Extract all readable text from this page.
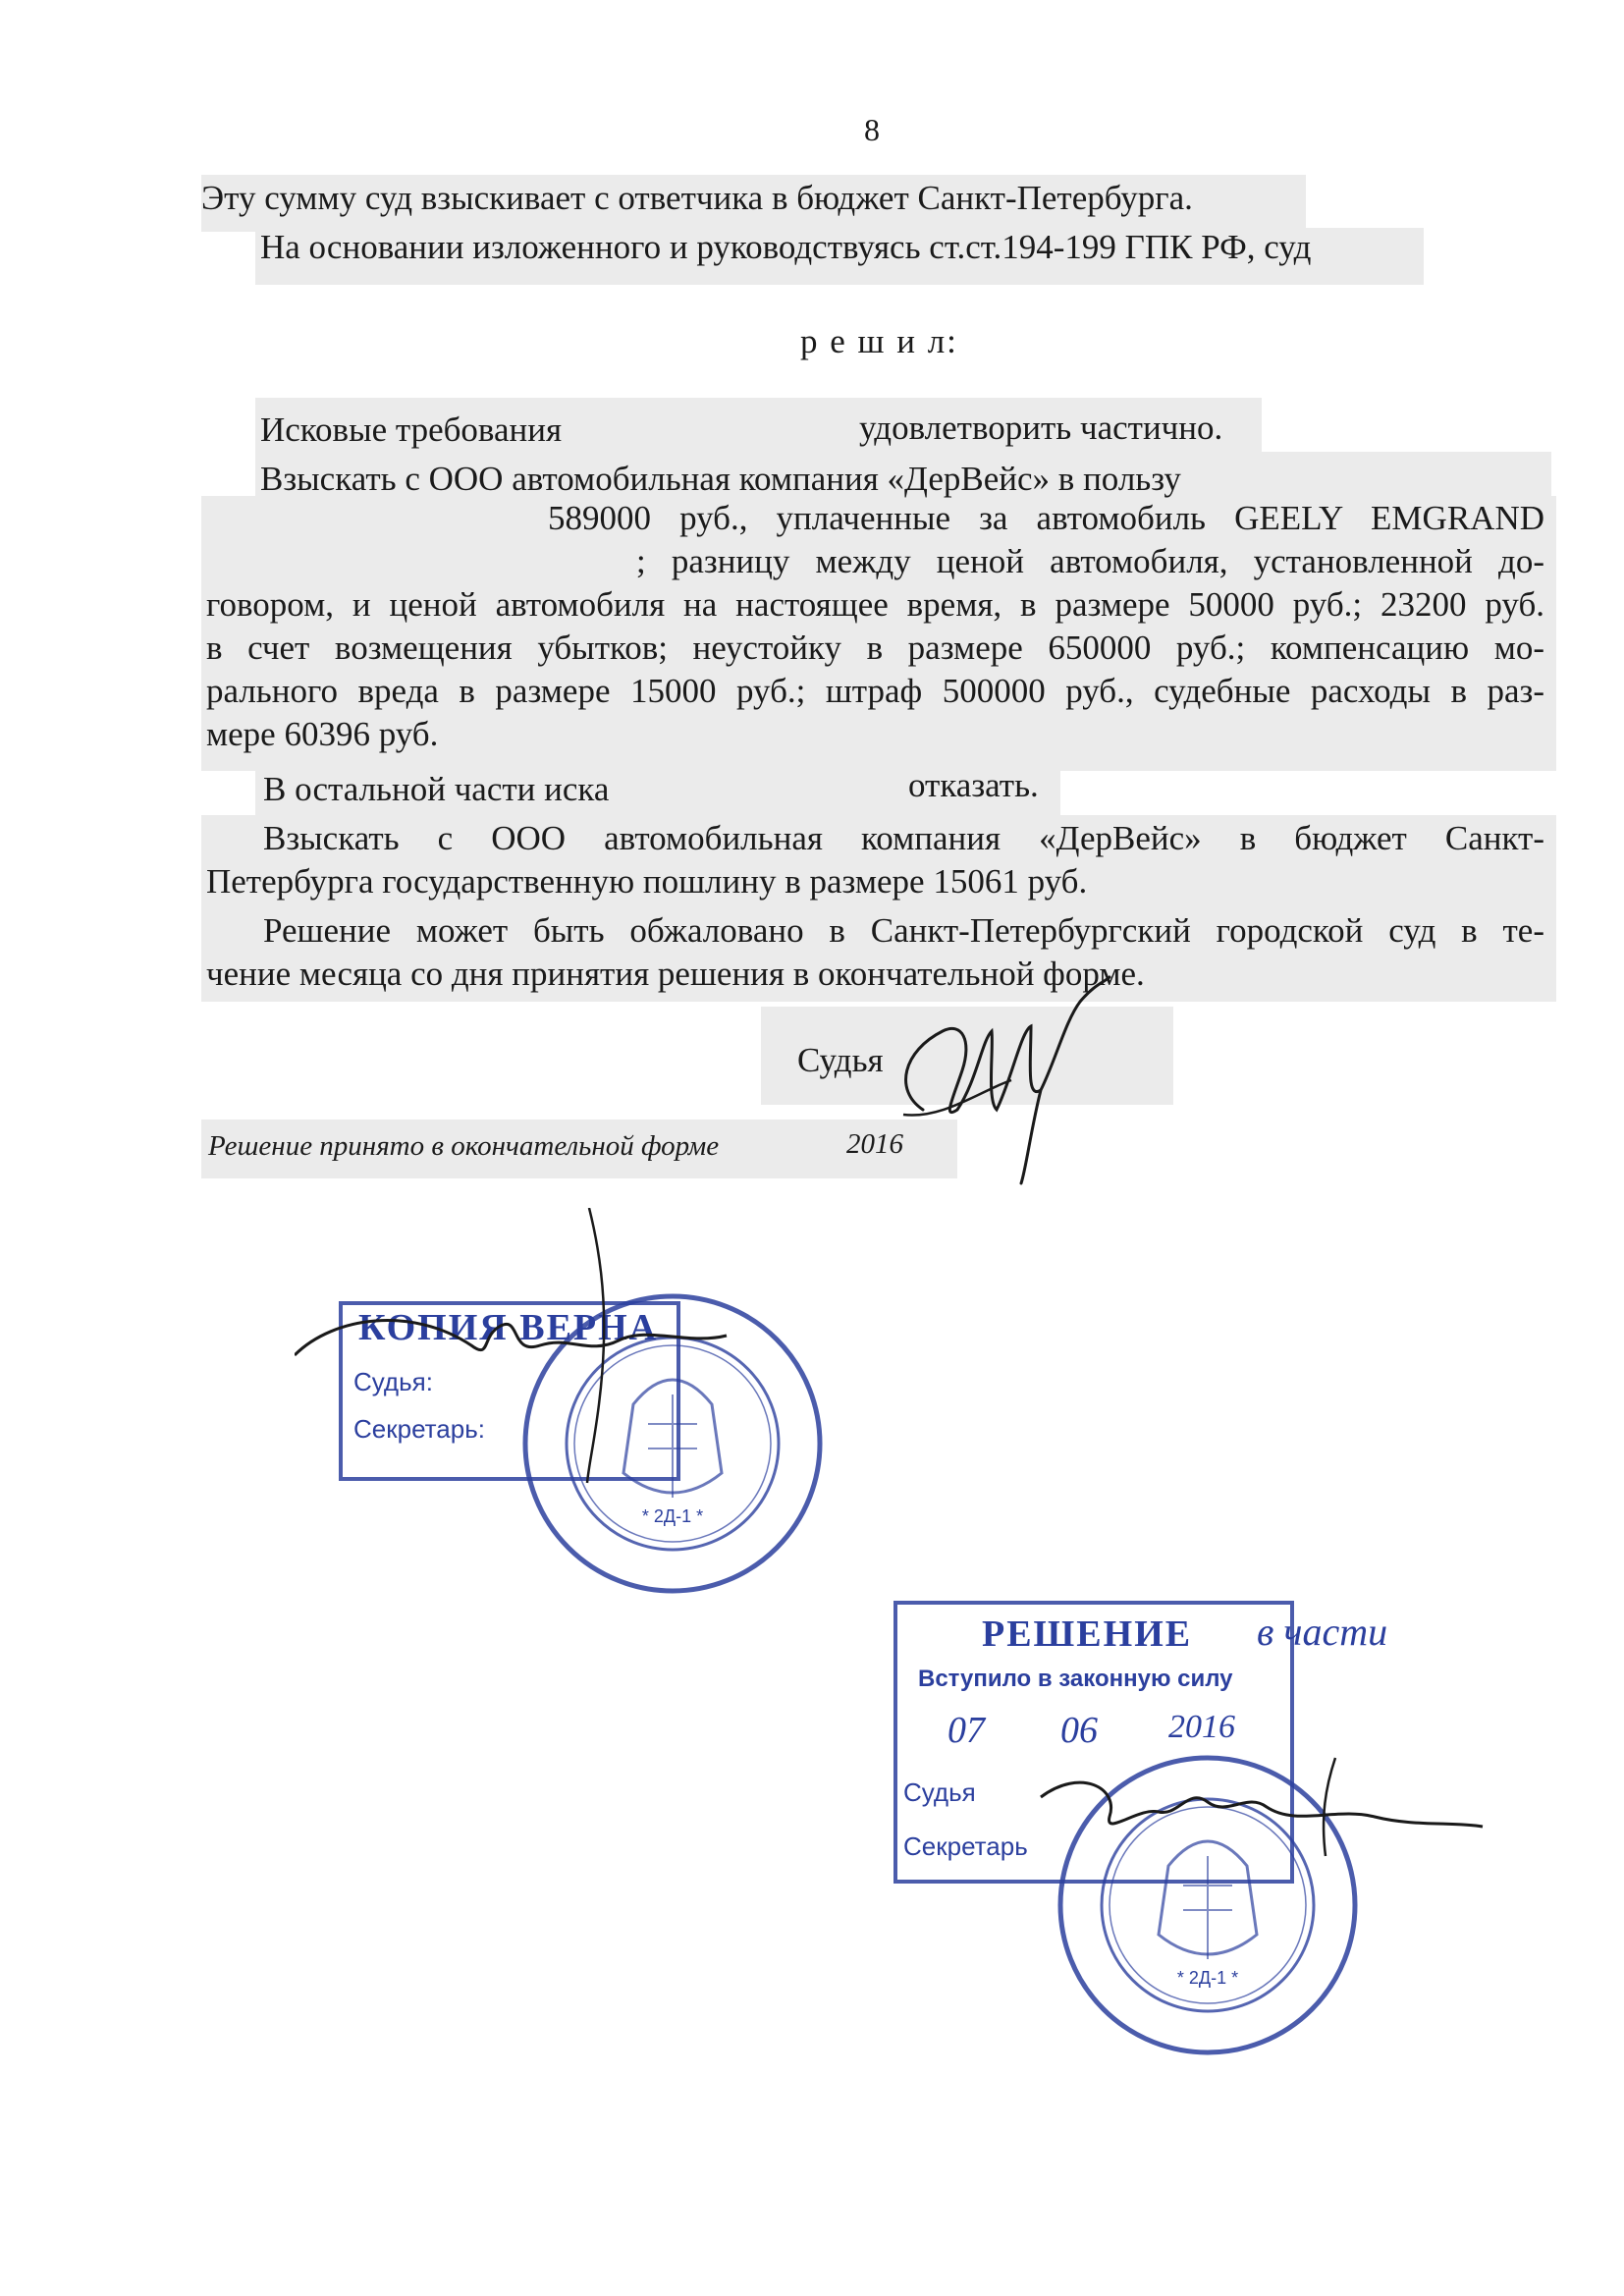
8
Эту сумму суд взыскивает с ответчика в бюджет Санкт-Петербурга.
На основании изложенного и руководствуясь ст.ст.194-199 ГПК РФ, суд
р е ш и л:
Исковые требования	удовлетворить частично.
Взыскать с ООО автомобильная компания «ДерВейс» в пользу
589000 руб., уплаченные за автомобиль GEELY EMGRAND
; разницу между ценой автомобиля, установленной до-
говором, и ценой автомобиля на настоящее время, в размере 50000 руб.; 23200 руб.
в счет возмещения убытков; неустойку в размере 650000 руб.; компенсацию мо-
рального вреда в размере 15000 руб.; штраф 500000 руб., судебные расходы в раз-
мере 60396 руб.
В остальной части иска	отказать.
Взыскать с ООО автомобильная компания «ДерВейс» в бюджет Санкт-
Петербурга государственную пошлину в размере 15061 руб.
Решение может быть обжаловано в Санкт-Петербургский городской суд в те-
чение месяца со дня принятия решения в окончательной форме.
Судья
Решение принято в окончательной форме	2016
КОПИЯ ВЕРНА
Судья:
Секретарь:
* 2Д-1 *
РЕШЕНИЕ
Вступило в законную силу
07 06 2016
Судья
Секретарь
в части
* 2Д-1 *
